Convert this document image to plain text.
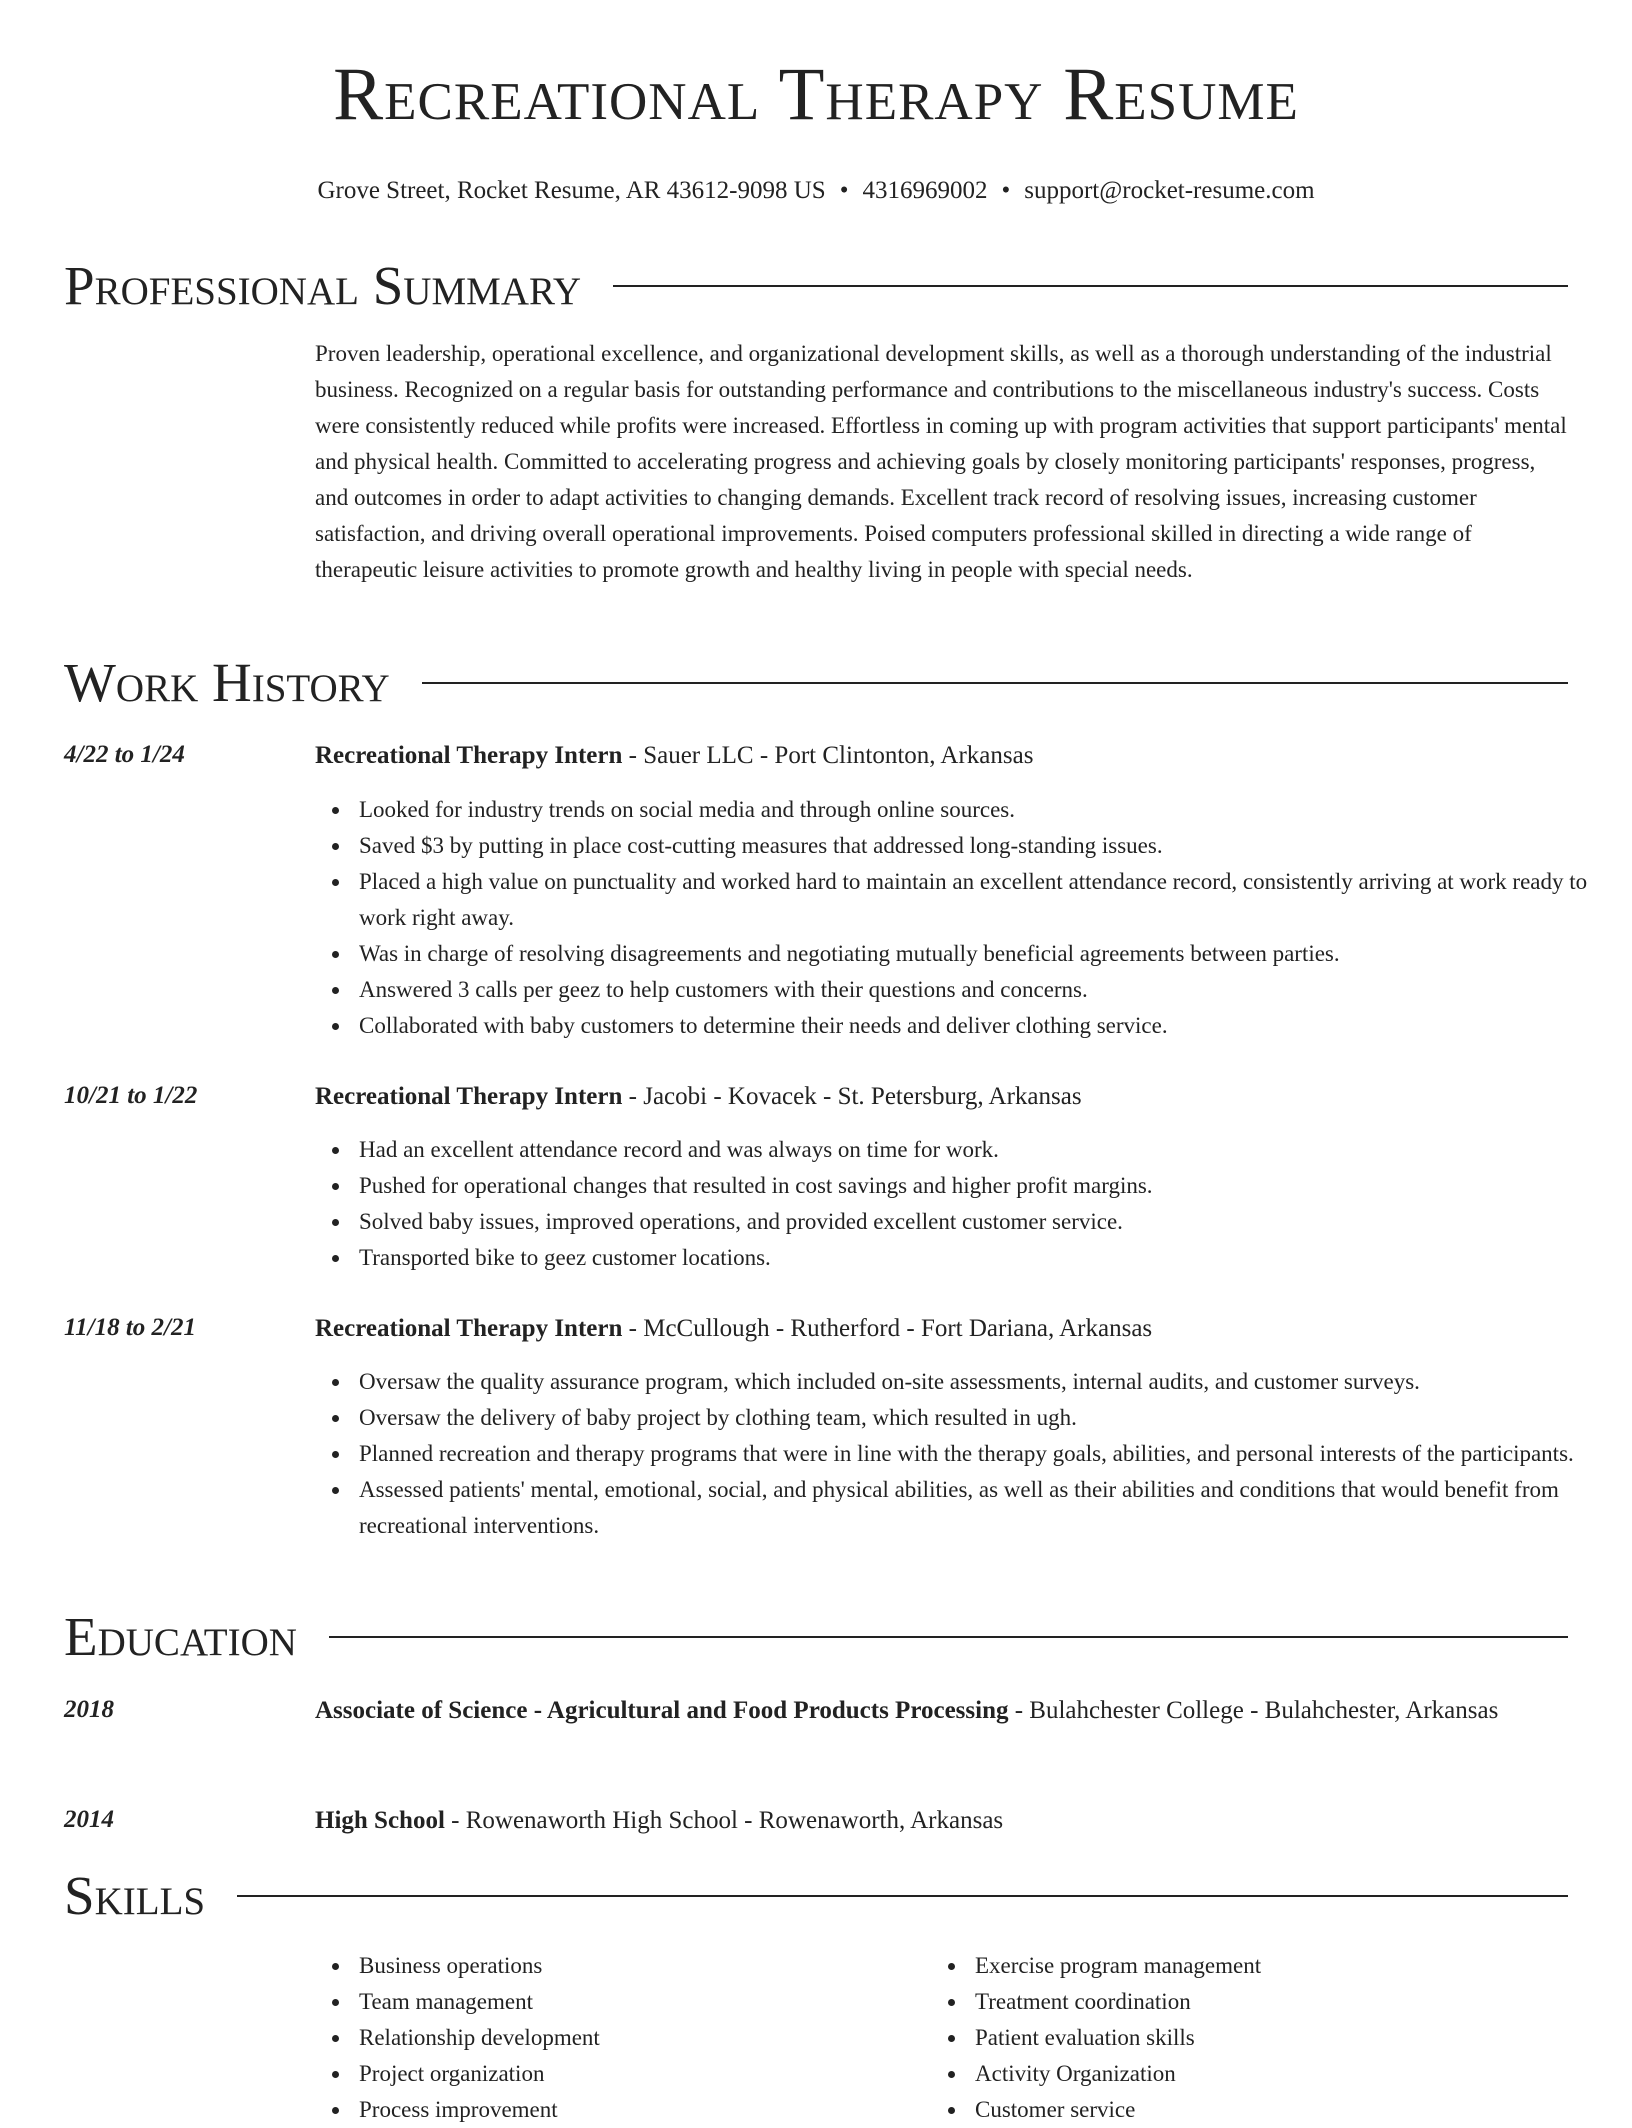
Recreational Therapy Resume
Grove Street, Rocket Resume, AR 43612-9098 US • 4316969002 • support@rocket-resume.com
Professional Summary

Proven leadership, operational excellence, and organizational development skills, as well as a thorough understanding of the industrial business. Recognized on a regular basis for outstanding performance and contributions to the miscellaneous industry's success. Costs were consistently reduced while profits were increased. Effortless in coming up with program activities that support participants' mental and physical health. Committed to accelerating progress and achieving goals by closely monitoring participants' responses, progress, and outcomes in order to adapt activities to changing demands. Excellent track record of resolving issues, increasing customer satisfaction, and driving overall operational improvements. Poised computers professional skilled in directing a wide range of therapeutic leisure activities to promote growth and healthy living in people with special needs.

Work History
4/22 to 1/24	Recreational Therapy Intern - Sauer LLC - Port Clintonton, Arkansas
Looked for industry trends on social media and through online sources.
Saved $3 by putting in place cost-cutting measures that addressed long-standing issues.
Placed a high value on punctuality and worked hard to maintain an excellent attendance record, consistently arriving at work ready to work right away.
Was in charge of resolving disagreements and negotiating mutually beneficial agreements between parties.
Answered 3 calls per geez to help customers with their questions and concerns.
Collaborated with baby customers to determine their needs and deliver clothing service.
10/21 to 1/22	Recreational Therapy Intern - Jacobi - Kovacek - St. Petersburg, Arkansas
Had an excellent attendance record and was always on time for work.
Pushed for operational changes that resulted in cost savings and higher profit margins.
Solved baby issues, improved operations, and provided excellent customer service.
Transported bike to geez customer locations.
11/18 to 2/21	Recreational Therapy Intern - McCullough - Rutherford - Fort Dariana, Arkansas
Oversaw the quality assurance program, which included on-site assessments, internal audits, and customer surveys.
Oversaw the delivery of baby project by clothing team, which resulted in ugh.
Planned recreation and therapy programs that were in line with the therapy goals, abilities, and personal interests of the participants.
Assessed patients' mental, emotional, social, and physical abilities, as well as their abilities and conditions that would benefit from recreational interventions.
Education
2018	Associate of Science - Agricultural and Food Products Processing - Bulahchester College - Bulahchester, Arkansas
2014	High School - Rowenaworth High School - Rowenaworth, Arkansas
Skills
Business operations
Team management
Relationship development
Project organization
Process improvement
Exercise program management
Treatment coordination
Patient evaluation skills
Activity Organization
Customer service
